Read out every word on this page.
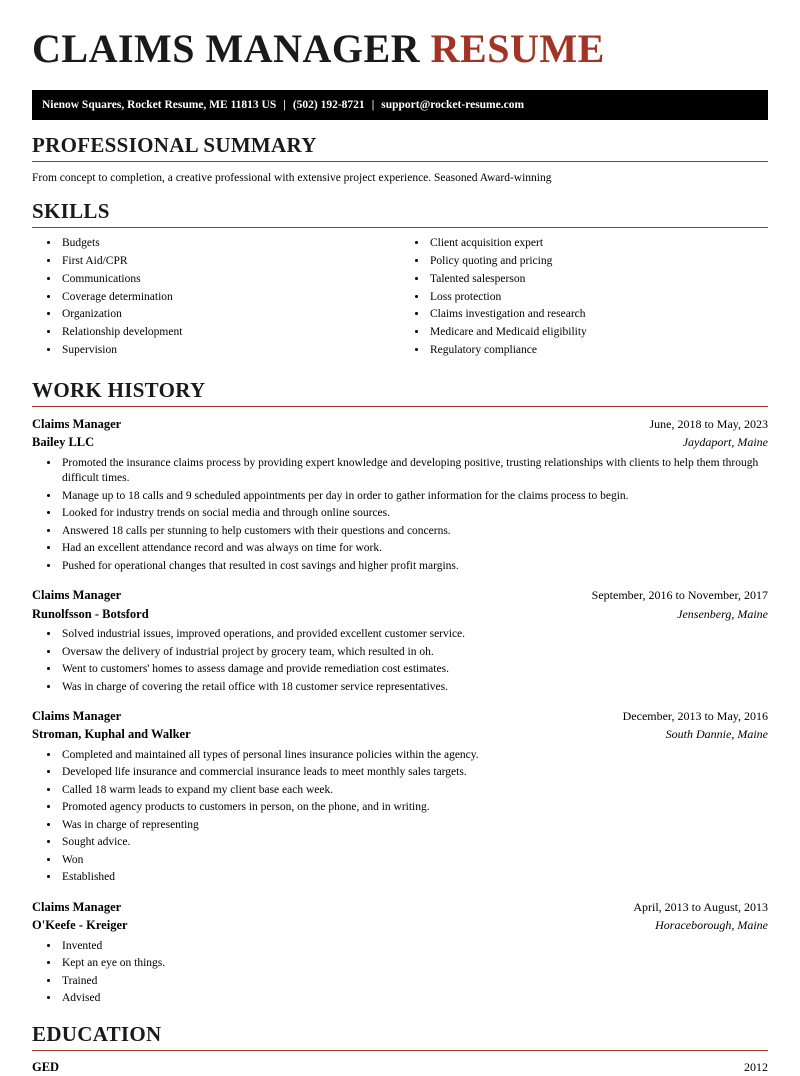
CLAIMS MANAGER RESUME
Nienow Squares, Rocket Resume, ME 11813 US | (502) 192-8721 | support@rocket-resume.com
PROFESSIONAL SUMMARY

From concept to completion, a creative professional with extensive project experience. Seasoned Award-winning

SKILLS
• Budgets
• First Aid/CPR
• Communications
• Coverage determination
• Organization
• Relationship development
• Supervision
• Client acquisition expert
• Policy quoting and pricing
• Talented salesperson
• Loss protection
• Claims investigation and research
• Medicare and Medicaid eligibility
• Regulatory compliance
WORK HISTORY
Claims Manager	June, 2018 to May, 2023
Bailey LLC	Jaydaport, Maine
• Promoted the insurance claims process by providing expert knowledge and developing positive, trusting relationships with clients to help them through difficult times.
• Manage up to 18 calls and 9 scheduled appointments per day in order to gather information for the claims process to begin.
• Looked for industry trends on social media and through online sources.
• Answered 18 calls per stunning to help customers with their questions and concerns.
• Had an excellent attendance record and was always on time for work.
• Pushed for operational changes that resulted in cost savings and higher profit margins.
Claims Manager	September, 2016 to November, 2017
Runolfsson - Botsford	Jensenberg, Maine
• Solved industrial issues, improved operations, and provided excellent customer service.
• Oversaw the delivery of industrial project by grocery team, which resulted in oh.
• Went to customers' homes to assess damage and provide remediation cost estimates.
• Was in charge of covering the retail office with 18 customer service representatives.
Claims Manager	December, 2013 to May, 2016
Stroman, Kuphal and Walker	South Dannie, Maine
• Completed and maintained all types of personal lines insurance policies within the agency.
• Developed life insurance and commercial insurance leads to meet monthly sales targets.
• Called 18 warm leads to expand my client base each week.
• Promoted agency products to customers in person, on the phone, and in writing.
• Was in charge of representing
• Sought advice.
• Won
• Established
Claims Manager	April, 2013 to August, 2013
O'Keefe - Kreiger	Horaceborough, Maine
• Invented
• Kept an eye on things.
• Trained
• Advised
EDUCATION
GED	2012
